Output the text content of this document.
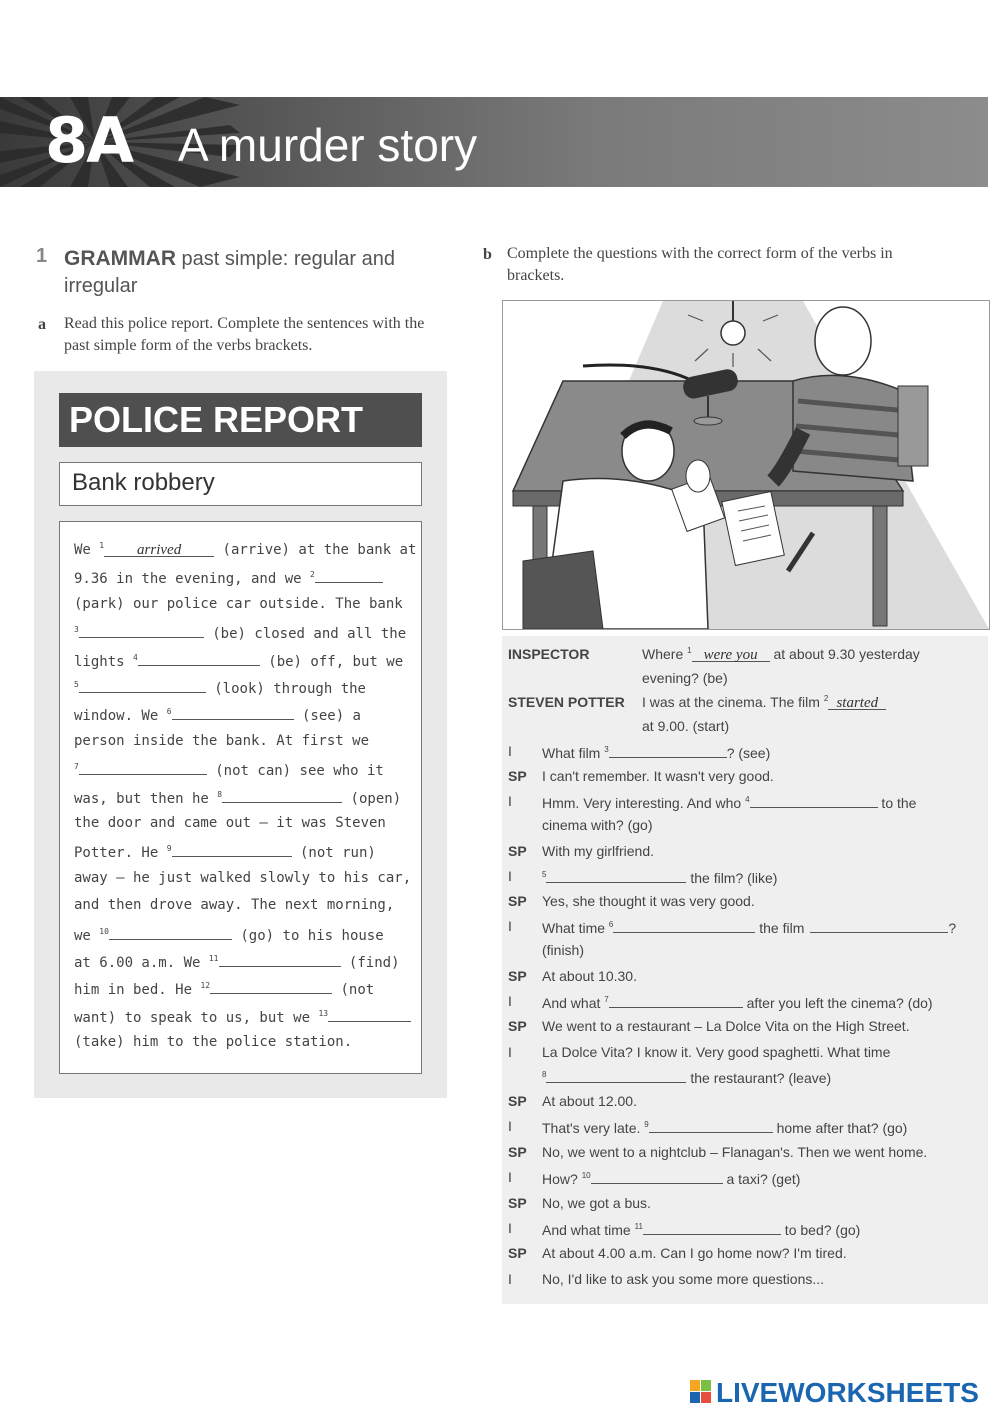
8A A murder story
1 GRAMMAR past simple: regular and irregular
a Read this police report. Complete the sentences with the past simple form of the verbs brackets.
b Complete the questions with the correct form of the verbs in brackets.
POLICE REPORT
Bank robbery
We $^1$ arrived (arrive) at the bank at
9.36 in the evening, and we $^2$
(park) our police car outside. The bank
$^3$	(be) closed and all the
lights $^4$	(be) off, but we
$^5$	(look) through the
window. We $^6$	(see) a
person inside the bank. At first we
$^7$	(not can) see who it
was, but then he $^8$	(open)
the door and came out – it was Steven
Potter. He $^9$	(not run)
away – he just walked slowly to his car,
and then drove away. The next morning,
we $^{10}$	(go) to his house
at 6.00 a.m. We $^{11}$	(find)
him in bed. He $^{12}$	(not
want) to speak to us, but we $^{13}$
(take) him to the police station.
INSPECTOR	Where $^1$ were you at about 9.30 yesterday
evening? (be)
STEVEN POTTER I was at the cinema. The film $^2$ started
at 9.00. (start)
I What film $^3$	? (see)
SP I can't remember. It wasn't very good.
I Hmm. Very interesting. And who $^4$	to the
cinema with? (go)
SP With my girlfriend.
I	$^5$	the film? (like)
SP Yes, she thought it was very good.
I What time $^6$	the film	?
(finish)
SP At about 10.30.
I And what $^7$	after you left the cinema? (do)
SP We went to a restaurant – La Dolce Vita on the High Street.
I La Dolce Vita? I know it. Very good spaghetti. What time
$^8$	the restaurant? (leave)
SP At about 12.00.
I That's very late. $^9$	home after that? (go)
SP No, we went to a nightclub – Flanagan's. Then we went home.
I How? $^{10}$	a taxi? (get)
SP No, we got a bus.
I And what time $^{11}$	to bed? (go)
SP At about 4.00 a.m. Can I go home now? I'm tired.
I No, I'd like to ask you some more questions...
LIVEWORKSHEETS
